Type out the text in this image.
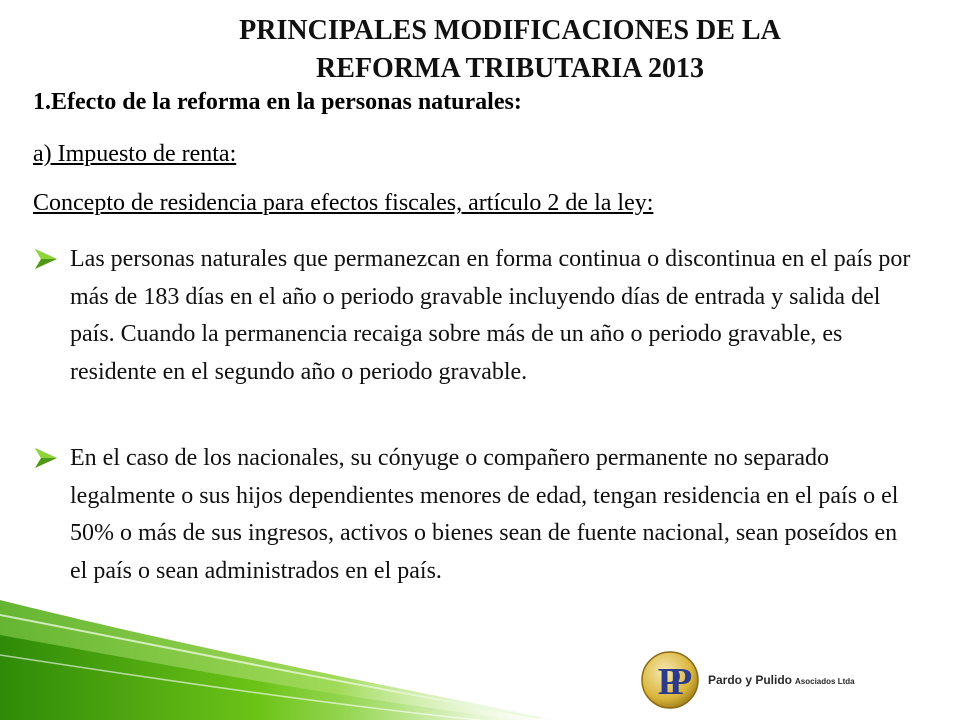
PRINCIPALES MODIFICACIONES DE LA
REFORMA TRIBUTARIA 2013
1.Efecto de la reforma en la personas naturales:
a) Impuesto de renta:
Concepto de residencia para efectos fiscales, artículo 2 de la ley:
Las personas naturales que permanezcan en forma continua o discontinua en el país por más de 183 días en el año o periodo gravable incluyendo días de entrada y salida del país. Cuando la permanencia recaiga sobre más de un año o periodo gravable, es residente en el segundo año o periodo gravable.
En el caso de los nacionales, su cónyuge o compañero permanente no separado legalmente o sus hijos dependientes menores de edad, tengan residencia en el país o el 50% o más de sus ingresos, activos o bienes sean de fuente nacional, sean poseídos en el país o sean administrados en el país.
PP	Pardo y Pulido Asociados Ltda
